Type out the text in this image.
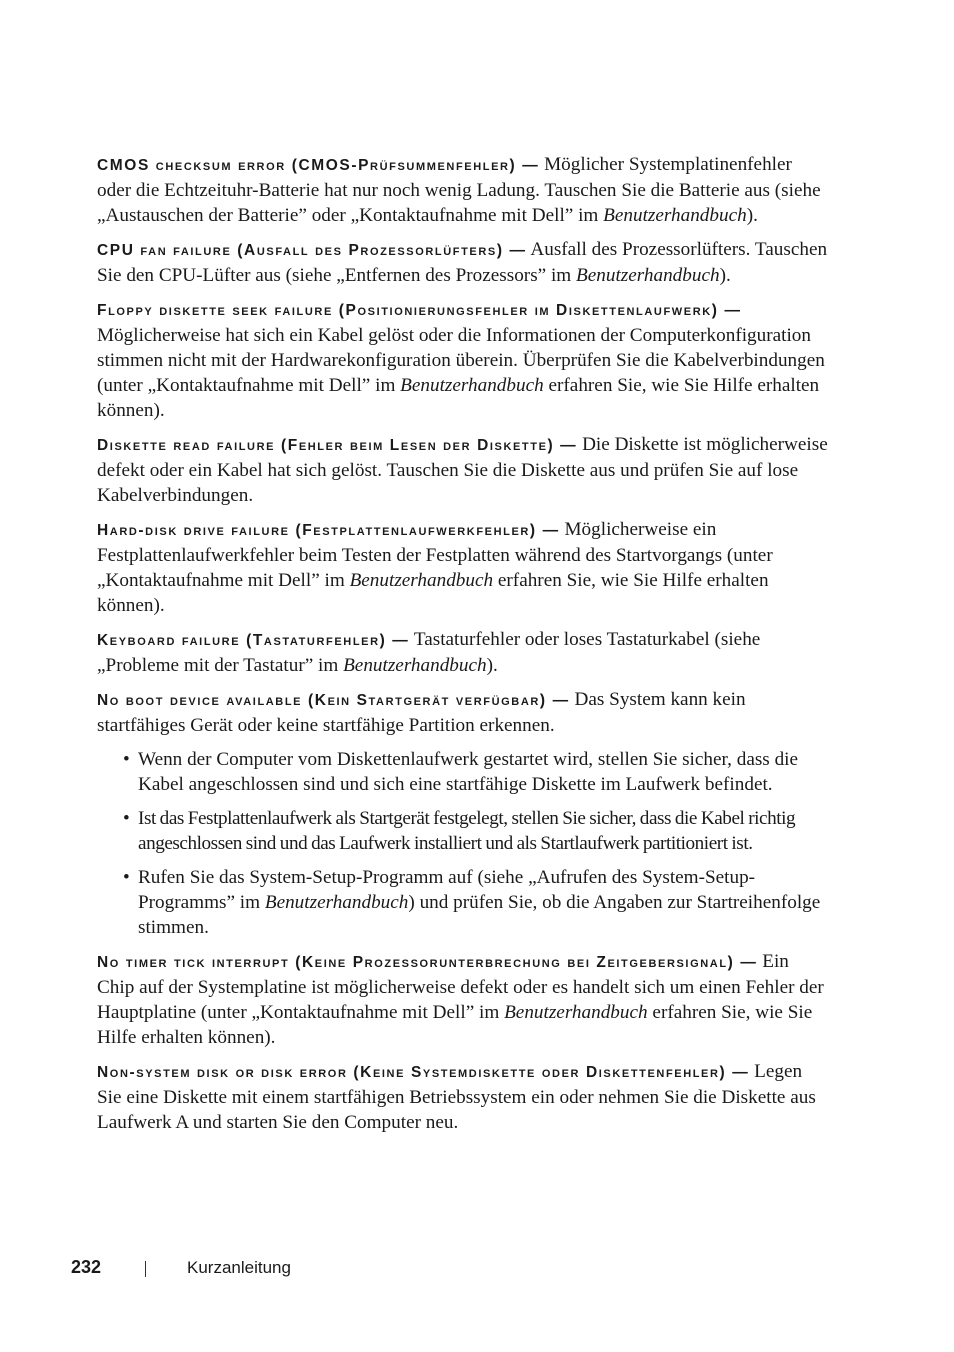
CMOS checksum error (CMOS-Prüfsummenfehler) — Möglicher Systemplatinenfehler oder die Echtzeituhr-Batterie hat nur noch wenig Ladung. Tauschen Sie die Batterie aus (siehe „Austauschen der Batterie” oder „Kontaktaufnahme mit Dell” im Benutzerhandbuch).

CPU fan failure (Ausfall des Prozessorlüfters) — Ausfall des Prozessorlüfters. Tauschen Sie den CPU-Lüfter aus (siehe „Entfernen des Prozessors” im Benutzerhandbuch).

Floppy diskette seek failure (Positionierungsfehler im Diskettenlaufwerk) — Möglicherweise hat sich ein Kabel gelöst oder die Informationen der Computerkonfiguration stimmen nicht mit der Hardwarekonfiguration überein. Überprüfen Sie die Kabelverbindungen (unter „Kontaktaufnahme mit Dell” im Benutzerhandbuch erfahren Sie, wie Sie Hilfe erhalten können).

Diskette read failure (Fehler beim Lesen der Diskette) — Die Diskette ist möglicherweise defekt oder ein Kabel hat sich gelöst. Tauschen Sie die Diskette aus und prüfen Sie auf lose Kabelverbindungen.

Hard-disk drive failure (Festplattenlaufwerkfehler) — Möglicherweise ein Festplattenlaufwerkfehler beim Testen der Festplatten während des Startvorgangs (unter „Kontaktaufnahme mit Dell” im Benutzerhandbuch erfahren Sie, wie Sie Hilfe erhalten können).

Keyboard failure (Tastaturfehler) — Tastaturfehler oder loses Tastaturkabel (siehe „Probleme mit der Tastatur” im Benutzerhandbuch).

No boot device available (Kein Startgerät verfügbar) — Das System kann kein startfähiges Gerät oder keine startfähige Partition erkennen.

• Wenn der Computer vom Diskettenlaufwerk gestartet wird, stellen Sie sicher, dass die Kabel angeschlossen sind und sich eine startfähige Diskette im Laufwerk befindet.
• Ist das Festplattenlaufwerk als Startgerät festgelegt, stellen Sie sicher, dass die Kabel richtig angeschlossen sind und das Laufwerk installiert und als Startlaufwerk partitioniert ist.
• Rufen Sie das System-Setup-Programm auf (siehe „Aufrufen des System-Setup-Programms” im Benutzerhandbuch) und prüfen Sie, ob die Angaben zur Startreihenfolge stimmen.

No timer tick interrupt (Keine Prozessorunterbrechung bei Zeitgebersignal) — Ein Chip auf der Systemplatine ist möglicherweise defekt oder es handelt sich um einen Fehler der Hauptplatine (unter „Kontaktaufnahme mit Dell” im Benutzerhandbuch erfahren Sie, wie Sie Hilfe erhalten können).

Non-system disk or disk error (Keine Systemdiskette oder Diskettenfehler) — Legen Sie eine Diskette mit einem startfähigen Betriebssystem ein oder nehmen Sie die Diskette aus Laufwerk A und starten Sie den Computer neu.

232	Kurzanleitung
